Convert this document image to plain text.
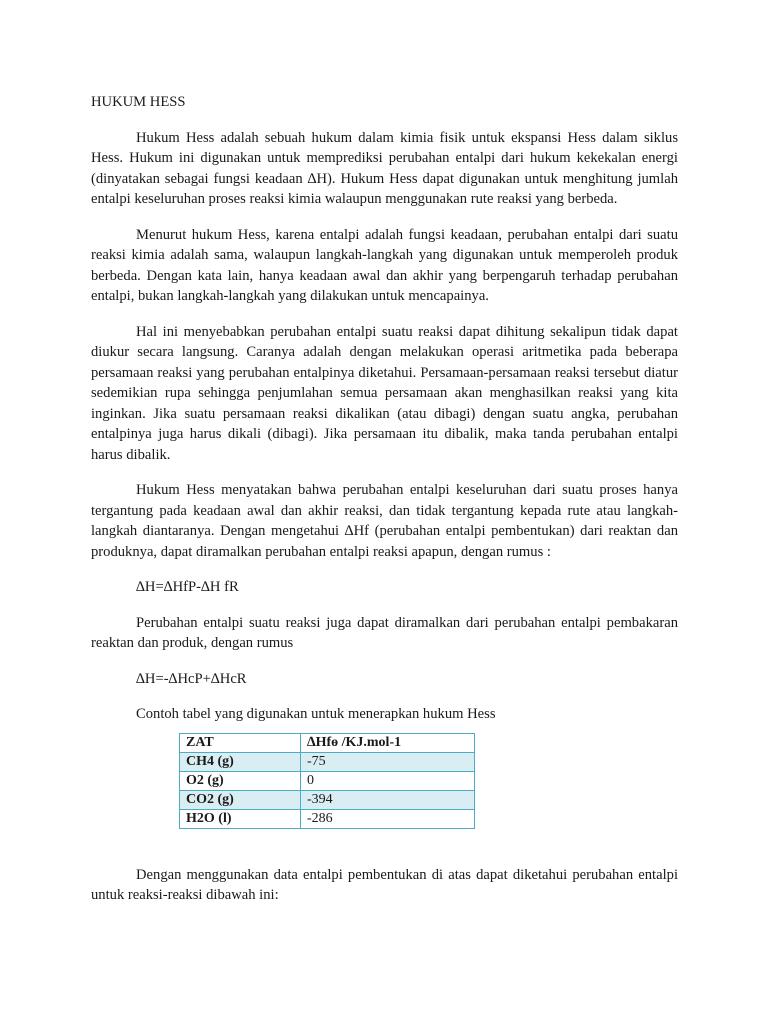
HUKUM HESS

Hukum Hess adalah sebuah hukum dalam kimia fisik untuk ekspansi Hess dalam siklus Hess. Hukum ini digunakan untuk memprediksi perubahan entalpi dari hukum kekekalan energi (dinyatakan sebagai fungsi keadaan ∆H). Hukum Hess dapat digunakan untuk menghitung jumlah entalpi keseluruhan proses reaksi kimia walaupun menggunakan rute reaksi yang berbeda.

Menurut hukum Hess, karena entalpi adalah fungsi keadaan, perubahan entalpi dari suatu reaksi kimia adalah sama, walaupun langkah-langkah yang digunakan untuk memperoleh produk berbeda. Dengan kata lain, hanya keadaan awal dan akhir yang berpengaruh terhadap perubahan entalpi, bukan langkah-langkah yang dilakukan untuk mencapainya.

Hal ini menyebabkan perubahan entalpi suatu reaksi dapat dihitung sekalipun tidak dapat diukur secara langsung. Caranya adalah dengan melakukan operasi aritmetika pada beberapa persamaan reaksi yang perubahan entalpinya diketahui. Persamaan-persamaan reaksi tersebut diatur sedemikian rupa sehingga penjumlahan semua persamaan akan menghasilkan reaksi yang kita inginkan. Jika suatu persamaan reaksi dikalikan (atau dibagi) dengan suatu angka, perubahan entalpinya juga harus dikali (dibagi). Jika persamaan itu dibalik, maka tanda perubahan entalpi harus dibalik.

Hukum Hess menyatakan bahwa perubahan entalpi keseluruhan dari suatu proses hanya tergantung pada keadaan awal dan akhir reaksi, dan tidak tergantung kepada rute atau langkah-langkah diantaranya. Dengan mengetahui ∆Hf (perubahan entalpi pembentukan) dari reaktan dan produknya, dapat diramalkan perubahan entalpi reaksi apapun, dengan rumus :

∆H=∆HfP-∆H fR

Perubahan entalpi suatu reaksi juga dapat diramalkan dari perubahan entalpi pembakaran reaktan dan produk, dengan rumus

∆H=-∆HcP+∆HcR
Contoh tabel yang digunakan untuk menerapkan hukum Hess
ZAT	∆Hfɵ /KJ.mol-1
CH4 (g)	-75
O2 (g)	0
CO2 (g)	-394
H2O (l)	-286

Dengan menggunakan data entalpi pembentukan di atas dapat diketahui perubahan entalpi untuk reaksi-reaksi dibawah ini:
